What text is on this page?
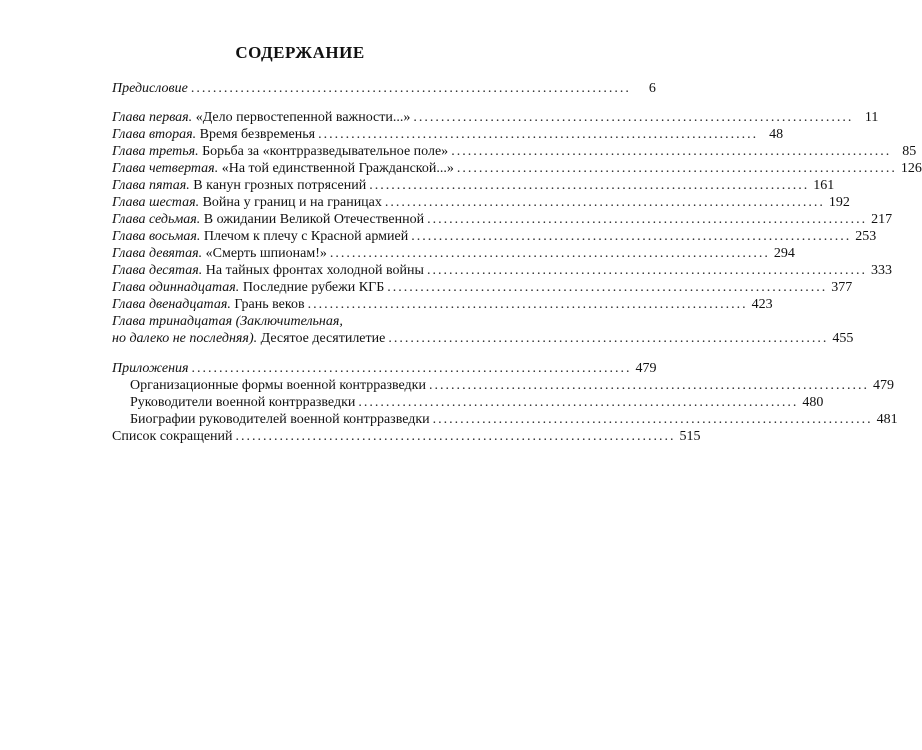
СОДЕРЖАНИЕ
Предисловие ................................................................................	6
Глава первая. «Дело первостепенной важности...» ................................................................................ 11
Глава вторая. Время безвременья ................................................................................ 48
Глава третья. Борьба за «контрразведывательное поле» ................................................................................ 85
Глава четвертая. «На той единственной Гражданской...» ................................................................................ 126
Глава пятая. В канун грозных потрясений ................................................................................ 161
Глава шестая. Война у границ и на границах ................................................................................ 192
Глава седьмая. В ожидании Великой Отечественной ................................................................................ 217
Глава восьмая. Плечом к плечу с Красной армией ................................................................................ 253
Глава девятая. «Смерть шпионам!» ................................................................................ 294
Глава десятая. На тайных фронтах холодной войны ................................................................................ 333
Глава одиннадцатая. Последние рубежи КГБ ................................................................................ 377
Глава двенадцатая. Грань веков ................................................................................ 423
Глава тринадцатая (Заключительная,
но далеко не последняя). Десятое десятилетие ................................................................................ 455
Приложения ................................................................................ 479
Организационные формы военной контрразведки ................................................................................ 479
Руководители военной контрразведки ................................................................................ 480
Биографии руководителей военной контрразведки ................................................................................ 481
Список сокращений ................................................................................ 515
